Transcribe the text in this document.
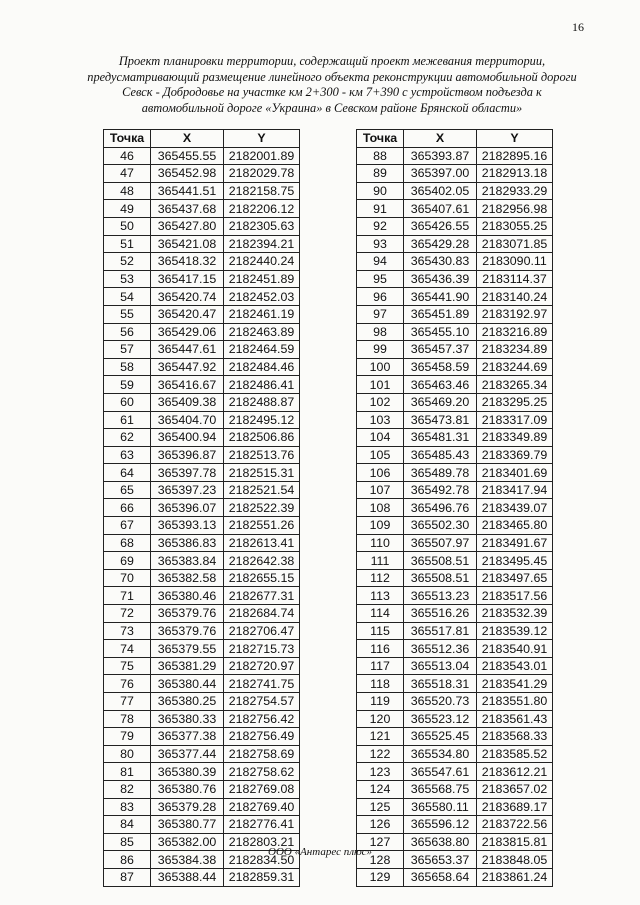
16
Проект планировки территории, содержащий проект межевания территории, предусматривающий размещение линейного объекта реконструкции автомобильной дороги Севск - Добродовье на участке км 2+300 - км 7+390 с устройством подъезда к автомобильной дороге «Украина» в Севском районе Брянской области»
Точка	X	Y
46	365455.55	2182001.89
47	365452.98	2182029.78
48	365441.51	2182158.75
49	365437.68	2182206.12
50	365427.80	2182305.63
51	365421.08	2182394.21
52	365418.32	2182440.24
53	365417.15	2182451.89
54	365420.74	2182452.03
55	365420.47	2182461.19
56	365429.06	2182463.89
57	365447.61	2182464.59
58	365447.92	2182484.46
59	365416.67	2182486.41
60	365409.38	2182488.87
61	365404.70	2182495.12
62	365400.94	2182506.86
63	365396.87	2182513.76
64	365397.78	2182515.31
65	365397.23	2182521.54
66	365396.07	2182522.39
67	365393.13	2182551.26
68	365386.83	2182613.41
69	365383.84	2182642.38
70	365382.58	2182655.15
71	365380.46	2182677.31
72	365379.76	2182684.74
73	365379.76	2182706.47
74	365379.55	2182715.73
75	365381.29	2182720.97
76	365380.44	2182741.75
77	365380.25	2182754.57
78	365380.33	2182756.42
79	365377.38	2182756.49
80	365377.44	2182758.69
81	365380.39	2182758.62
82	365380.76	2182769.08
83	365379.28	2182769.40
84	365380.77	2182776.41
85	365382.00	2182803.21
86	365384.38	2182834.50
87	365388.44	2182859.31
Точка	X	Y
88	365393.87	2182895.16
89	365397.00	2182913.18
90	365402.05	2182933.29
91	365407.61	2182956.98
92	365426.55	2183055.25
93	365429.28	2183071.85
94	365430.83	2183090.11
95	365436.39	2183114.37
96	365441.90	2183140.24
97	365451.89	2183192.97
98	365455.10	2183216.89
99	365457.37	2183234.89
100	365458.59	2183244.69
101	365463.46	2183265.34
102	365469.20	2183295.25
103	365473.81	2183317.09
104	365481.31	2183349.89
105	365485.43	2183369.79
106	365489.78	2183401.69
107	365492.78	2183417.94
108	365496.76	2183439.07
109	365502.30	2183465.80
110	365507.97	2183491.67
111	365508.51	2183495.45
112	365508.51	2183497.65
113	365513.23	2183517.56
114	365516.26	2183532.39
115	365517.81	2183539.12
116	365512.36	2183540.91
117	365513.04	2183543.01
118	365518.31	2183541.29
119	365520.73	2183551.80
120	365523.12	2183561.43
121	365525.45	2183568.33
122	365534.80	2183585.52
123	365547.61	2183612.21
124	365568.75	2183657.02
125	365580.11	2183689.17
126	365596.12	2183722.56
127	365638.80	2183815.81
128	365653.37	2183848.05
129	365658.64	2183861.24
ООО «Антарес плюс»
